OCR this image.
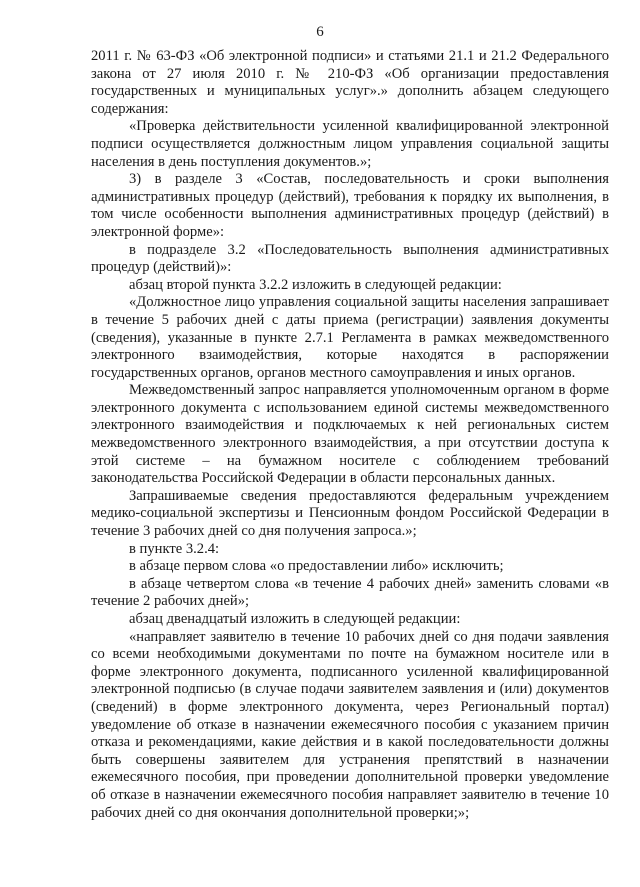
6

2011 г. № 63-ФЗ «Об электронной подписи» и статьями 21.1 и 21.2 Федерального закона от 27 июля 2010 г. № 210-ФЗ «Об организации предоставления государственных и муниципальных услуг».» дополнить абзацем следующего содержания:

«Проверка действительности усиленной квалифицированной электронной подписи осуществляется должностным лицом управления социальной защиты населения в день поступления документов.»;

3) в разделе 3 «Состав, последовательность и сроки выполнения административных процедур (действий), требования к порядку их выполнения, в том числе особенности выполнения административных процедур (действий) в электронной форме»:

в подразделе 3.2 «Последовательность выполнения административных процедур (действий)»:

абзац второй пункта 3.2.2 изложить в следующей редакции:

«Должностное лицо управления социальной защиты населения запрашивает в течение 5 рабочих дней с даты приема (регистрации) заявления документы (сведения), указанные в пункте 2.7.1 Регламента в рамках межведомственного электронного взаимодействия, которые находятся в распоряжении государственных органов, органов местного самоуправления и иных органов.

Межведомственный запрос направляется уполномоченным органом в форме электронного документа с использованием единой системы межведомственного электронного взаимодействия и подключаемых к ней региональных систем межведомственного электронного взаимодействия, а при отсутствии доступа к этой системе – на бумажном носителе с соблюдением требований законодательства Российской Федерации в области персональных данных.

Запрашиваемые сведения предоставляются федеральным учреждением медико-социальной экспертизы и Пенсионным фондом Российской Федерации в течение 3 рабочих дней со дня получения запроса.»;

в пункте 3.2.4:

в абзаце первом слова «о предоставлении либо» исключить;

в абзаце четвертом слова «в течение 4 рабочих дней» заменить словами «в течение 2 рабочих дней»;

абзац двенадцатый изложить в следующей редакции:

«направляет заявителю в течение 10 рабочих дней со дня подачи заявления со всеми необходимыми документами по почте на бумажном носителе или в форме электронного документа, подписанного усиленной квалифицированной электронной подписью (в случае подачи заявителем заявления и (или) документов (сведений) в форме электронного документа, через Региональный портал) уведомление об отказе в назначении ежемесячного пособия с указанием причин отказа и рекомендациями, какие действия и в какой последовательности должны быть совершены заявителем для устранения препятствий в назначении ежемесячного пособия, при проведении дополнительной проверки уведомление об отказе в назначении ежемесячного пособия направляет заявителю в течение 10 рабочих дней со дня окончания дополнительной проверки;»;
